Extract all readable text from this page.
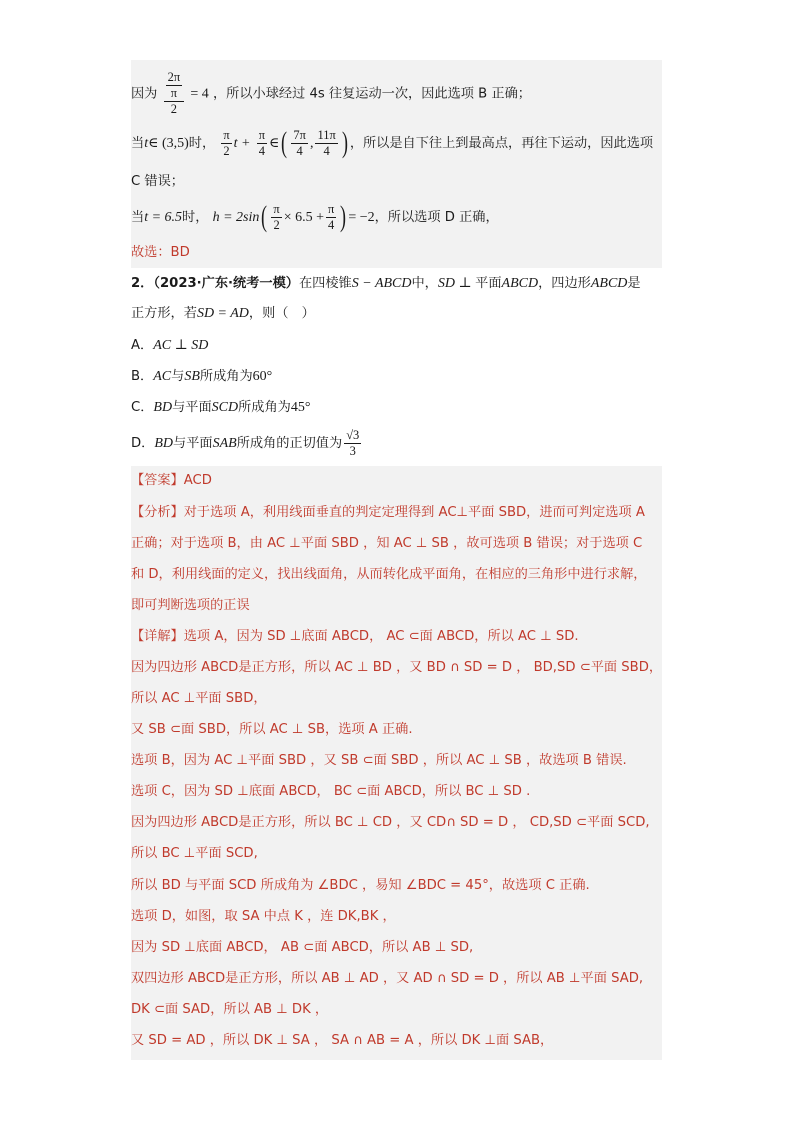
因为 $\frac{\frac{2\pi}{\pi}}{2} = 4$ ，所以小球经过 4s 往复运动一次，因此选项 B 正确；
当t∈ (3,5)时， $\frac{\pi}{2}$ $t + \frac{\pi}{4}$ ∈( $\frac{7\pi}{4}$ , $\frac{11\pi}{4}$ ) ，所以是自下往上到最高点，再往下运动，因此选项
C 错误；
当t = 6.5时， $h = 2\sin( \frac{\pi}{2} \times 6.5 + \frac{\pi}{4}$ ) = −2，所以选项 D 正确，
故选：BD
2．（2023·广东·统考一模）在四棱锥S − ABCD中，SD ⊥ 平面ABCD，四边形ABCD是
正方形，若SD = AD，则（　）
A．AC ⊥ SD
B．AC与SB所成角为60°
C．BD与平面SCD所成角为45°
D．BD与平面SAB所成角的正切值为 $\frac{√3}{3}$
【答案】ACD
【分析】对于选项 A，利用线面垂直的判定定理得到 AC⊥平面 SBD，进而可判定选项 A
正确；对于选项 B，由 AC ⊥平面 SBD ，知 AC ⊥ SB ，故可选项 B 错误；对于选项 C
和 D，利用线面的定义，找出线面角，从而转化成平面角，在相应的三角形中进行求解，
即可判断选项的正误
【详解】选项 A，因为 SD ⊥底面 ABCD， AC ⊂面 ABCD，所以 AC ⊥ SD.
因为四边形 ABCD是正方形，所以 AC ⊥ BD ，又 BD ∩ SD = D ， BD,SD ⊂平面 SBD，
所以 AC ⊥平面 SBD，
又 SB ⊂面 SBD，所以 AC ⊥ SB，选项 A 正确.
选项 B，因为 AC ⊥平面 SBD ，又 SB ⊂面 SBD ，所以 AC ⊥ SB ，故选项 B 错误.
选项 C，因为 SD ⊥底面 ABCD， BC ⊂面 ABCD，所以 BC ⊥ SD .
因为四边形 ABCD是正方形，所以 BC ⊥ CD ，又 CD∩ SD = D ， CD,SD ⊂平面 SCD,
所以 BC ⊥平面 SCD,
所以 BD 与平面 SCD 所成角为 ∠BDC ，易知 ∠BDC = 45°，故选项 C 正确.
选项 D，如图，取 SA 中点 K ，连 DK,BK ，
因为 SD ⊥底面 ABCD， AB ⊂面 ABCD，所以 AB ⊥ SD,
双四边形 ABCD是正方形，所以 AB ⊥ AD ，又 AD ∩ SD = D ，所以 AB ⊥平面 SAD,
DK ⊂面 SAD，所以 AB ⊥ DK ，
又 SD = AD ，所以 DK ⊥ SA ， SA ∩ AB = A ，所以 DK ⊥面 SAB，
